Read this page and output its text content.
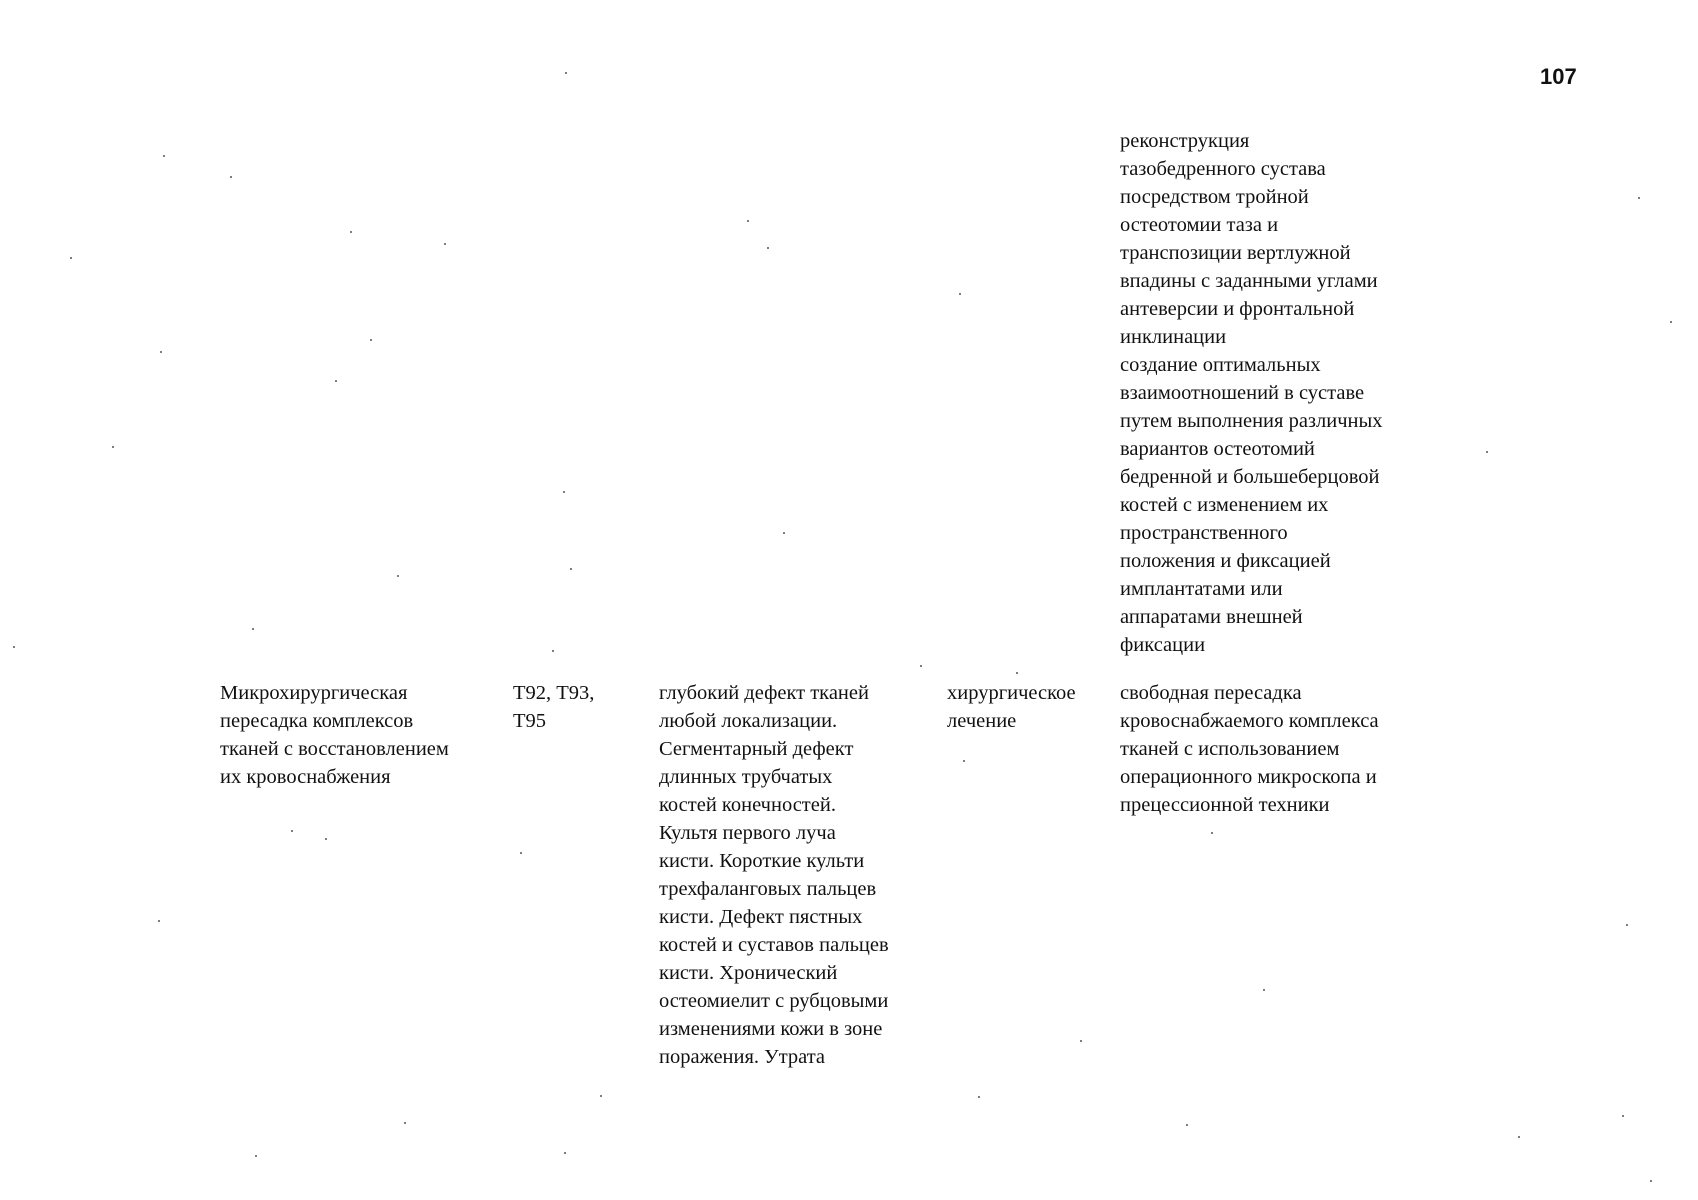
107
реконструкция
тазобедренного сустава
посредством тройной
остеотомии таза и
транспозиции вертлужной
впадины с заданными углами
антеверсии и фронтальной
инклинации
создание оптимальных
взаимоотношений в суставе
путем выполнения различных
вариантов остеотомий
бедренной и большеберцовой
костей с изменением их
пространственного
положения и фиксацией
имплантатами или
аппаратами внешней
фиксации
Микрохирургическая
пересадка комплексов
тканей с восстановлением
их кровоснабжения
Т92, Т93,
Т95
глубокий дефект тканей
любой локализации.
Сегментарный дефект
длинных трубчатых
костей конечностей.
Культя первого луча
кисти. Короткие культи
трехфаланговых пальцев
кисти. Дефект пястных
костей и суставов пальцев
кисти. Хронический
остеомиелит с рубцовыми
изменениями кожи в зоне
поражения. Утрата
хирургическое
лечение
свободная пересадка
кровоснабжаемого комплекса
тканей с использованием
операционного микроскопа и
прецессионной техники
